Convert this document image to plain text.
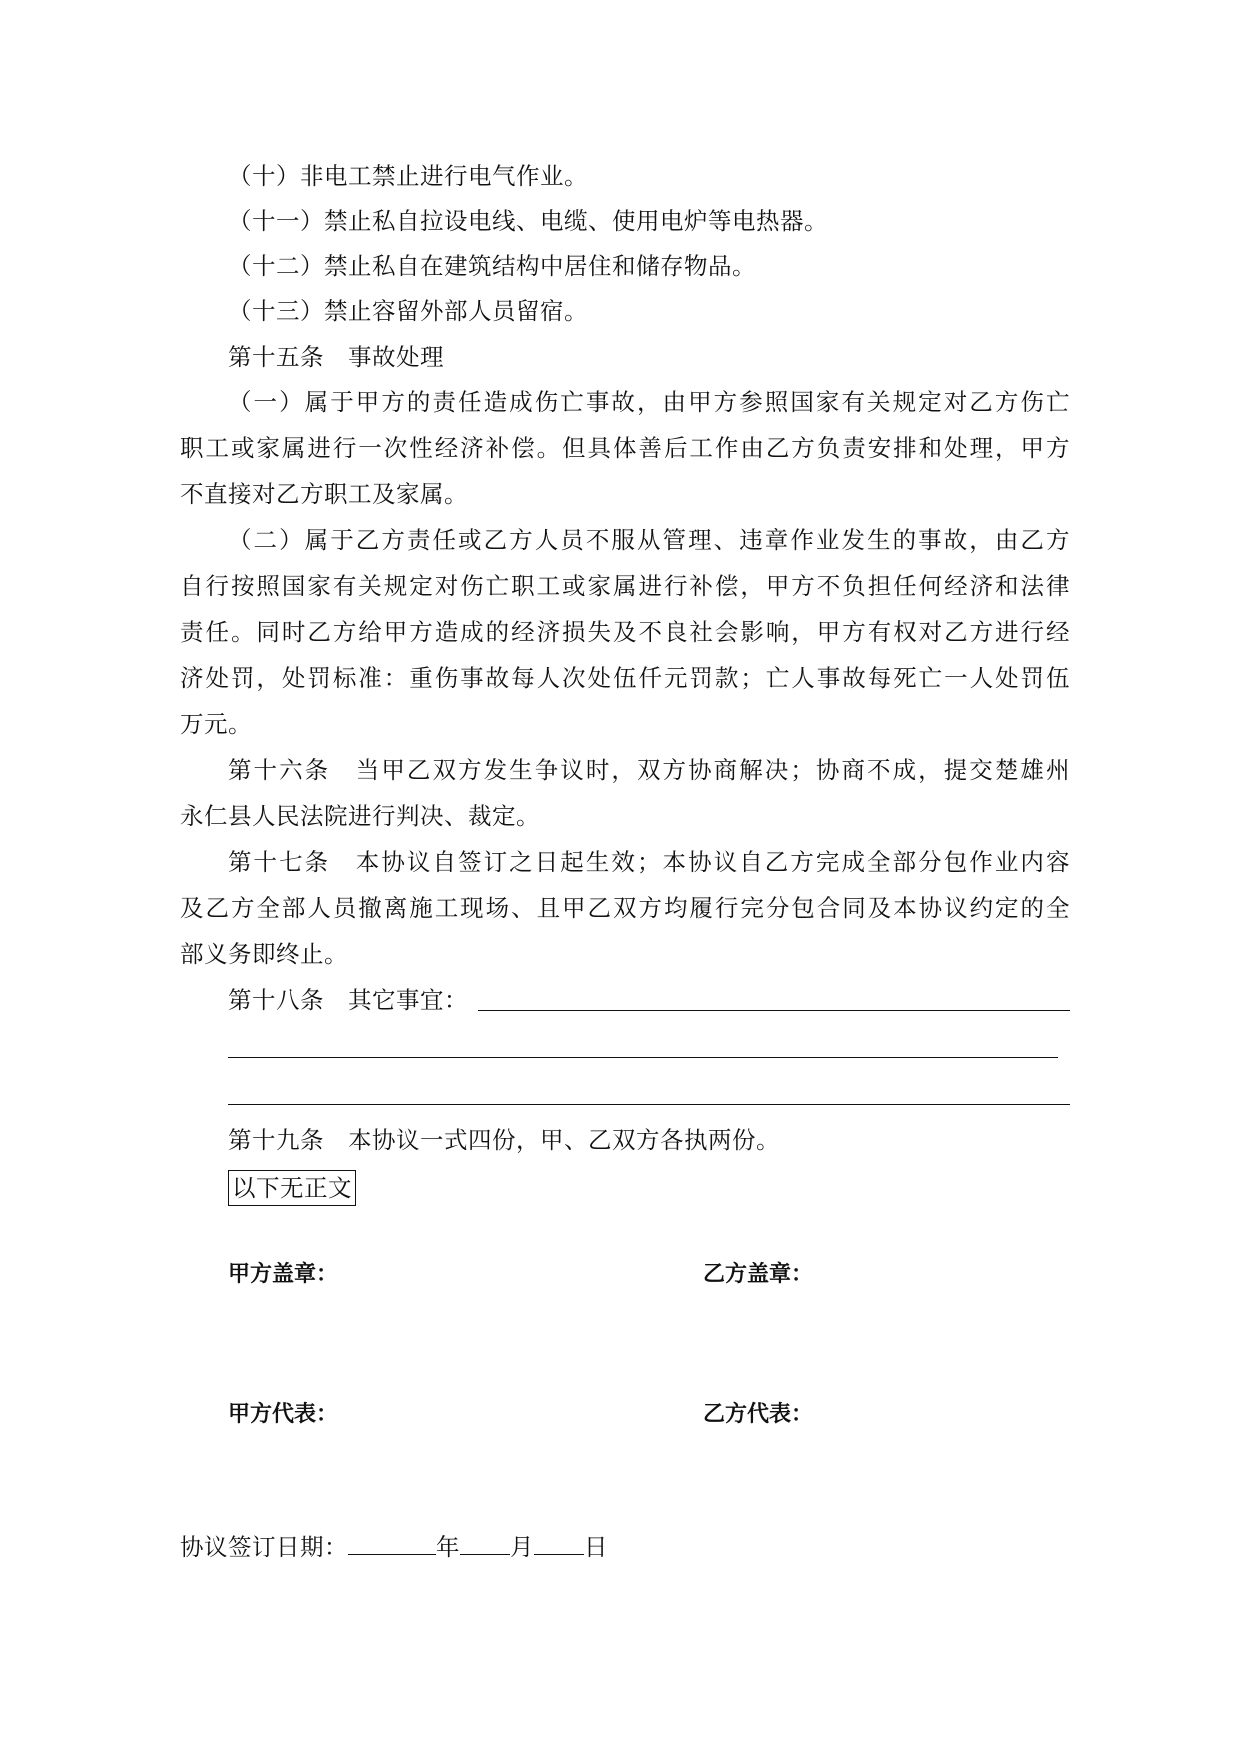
（十）非电工禁止进行电气作业。
（十一）禁止私自拉设电线、电缆、使用电炉等电热器。
（十二）禁止私自在建筑结构中居住和储存物品。
（十三）禁止容留外部人员留宿。
第十五条　事故处理
（一）属于甲方的责任造成伤亡事故，由甲方参照国家有关规定对乙方伤亡
职工或家属进行一次性经济补偿。但具体善后工作由乙方负责安排和处理，甲方
不直接对乙方职工及家属。
（二）属于乙方责任或乙方人员不服从管理、违章作业发生的事故，由乙方
自行按照国家有关规定对伤亡职工或家属进行补偿，甲方不负担任何经济和法律
责任。同时乙方给甲方造成的经济损失及不良社会影响，甲方有权对乙方进行经
济处罚，处罚标准：重伤事故每人次处伍仟元罚款；亡人事故每死亡一人处罚伍
万元。
第十六条　当甲乙双方发生争议时，双方协商解决；协商不成，提交楚雄州
永仁县人民法院进行判决、裁定。
第十七条　本协议自签订之日起生效；本协议自乙方完成全部分包作业内容
及乙方全部人员撤离施工现场、且甲乙双方均履行完分包合同及本协议约定的全
部义务即终止。
第十八条　其它事宜：
第十九条　本协议一式四份，甲、乙双方各执两份。
以下无正文
甲方盖章：	乙方盖章：
甲方代表：	乙方代表：
协议签订日期：	年 月 日
